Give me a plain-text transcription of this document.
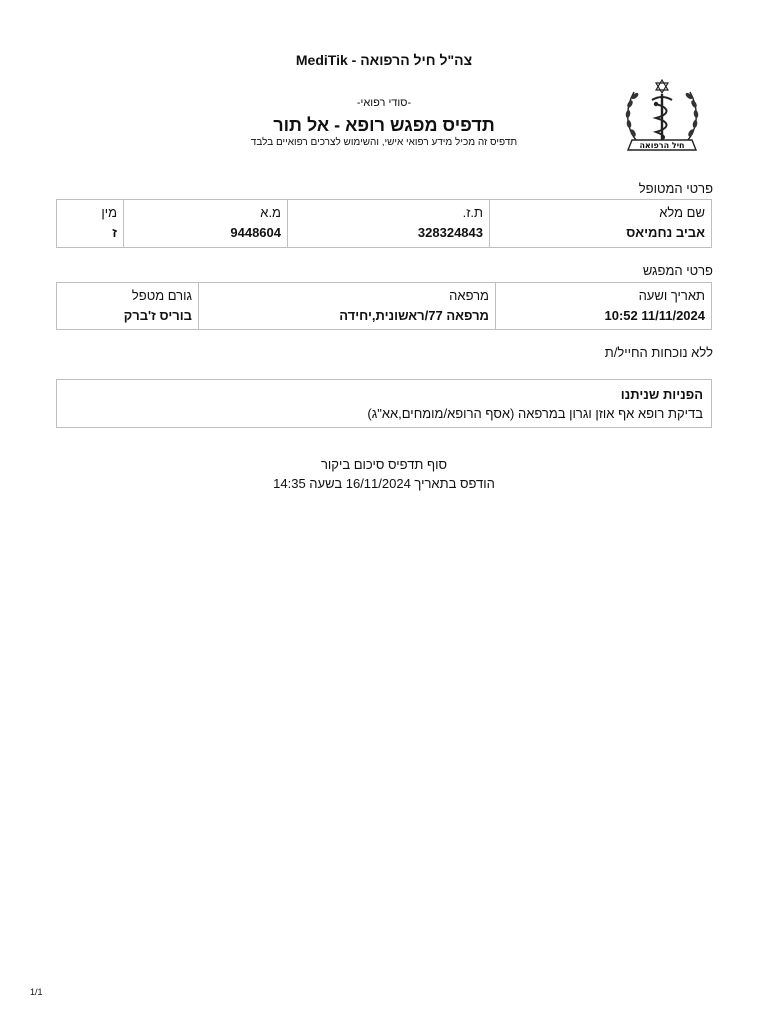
צה"ל חיל הרפואה - MediTik
-סודי רפואי-
תדפיס מפגש רופא - אל תור
תדפיס זה מכיל מידע רפואי אישי, והשימוש לצרכים רפואיים בלבד	חיל הרפואה
פרטי המטופל
שם מלא
אביב נחמיאס
ת.ז.
328324843
מ.א
9448604
מין
ז
פרטי המפגש
תאריך ושעה
11/11/2024 10:52
מרפאה
מרפאה 77/ראשונית,יחידה
גורם מטפל
בוריס ז'ברק
ללא נוכחות החייל/ת
הפניות שניתנו
בדיקת רופא אף אוזן וגרון במרפאה (אסף הרופא/מומחים,אא"ג)
סוף תדפיס סיכום ביקור
הודפס בתאריך 16/11/2024 בשעה 14:35
1/1
